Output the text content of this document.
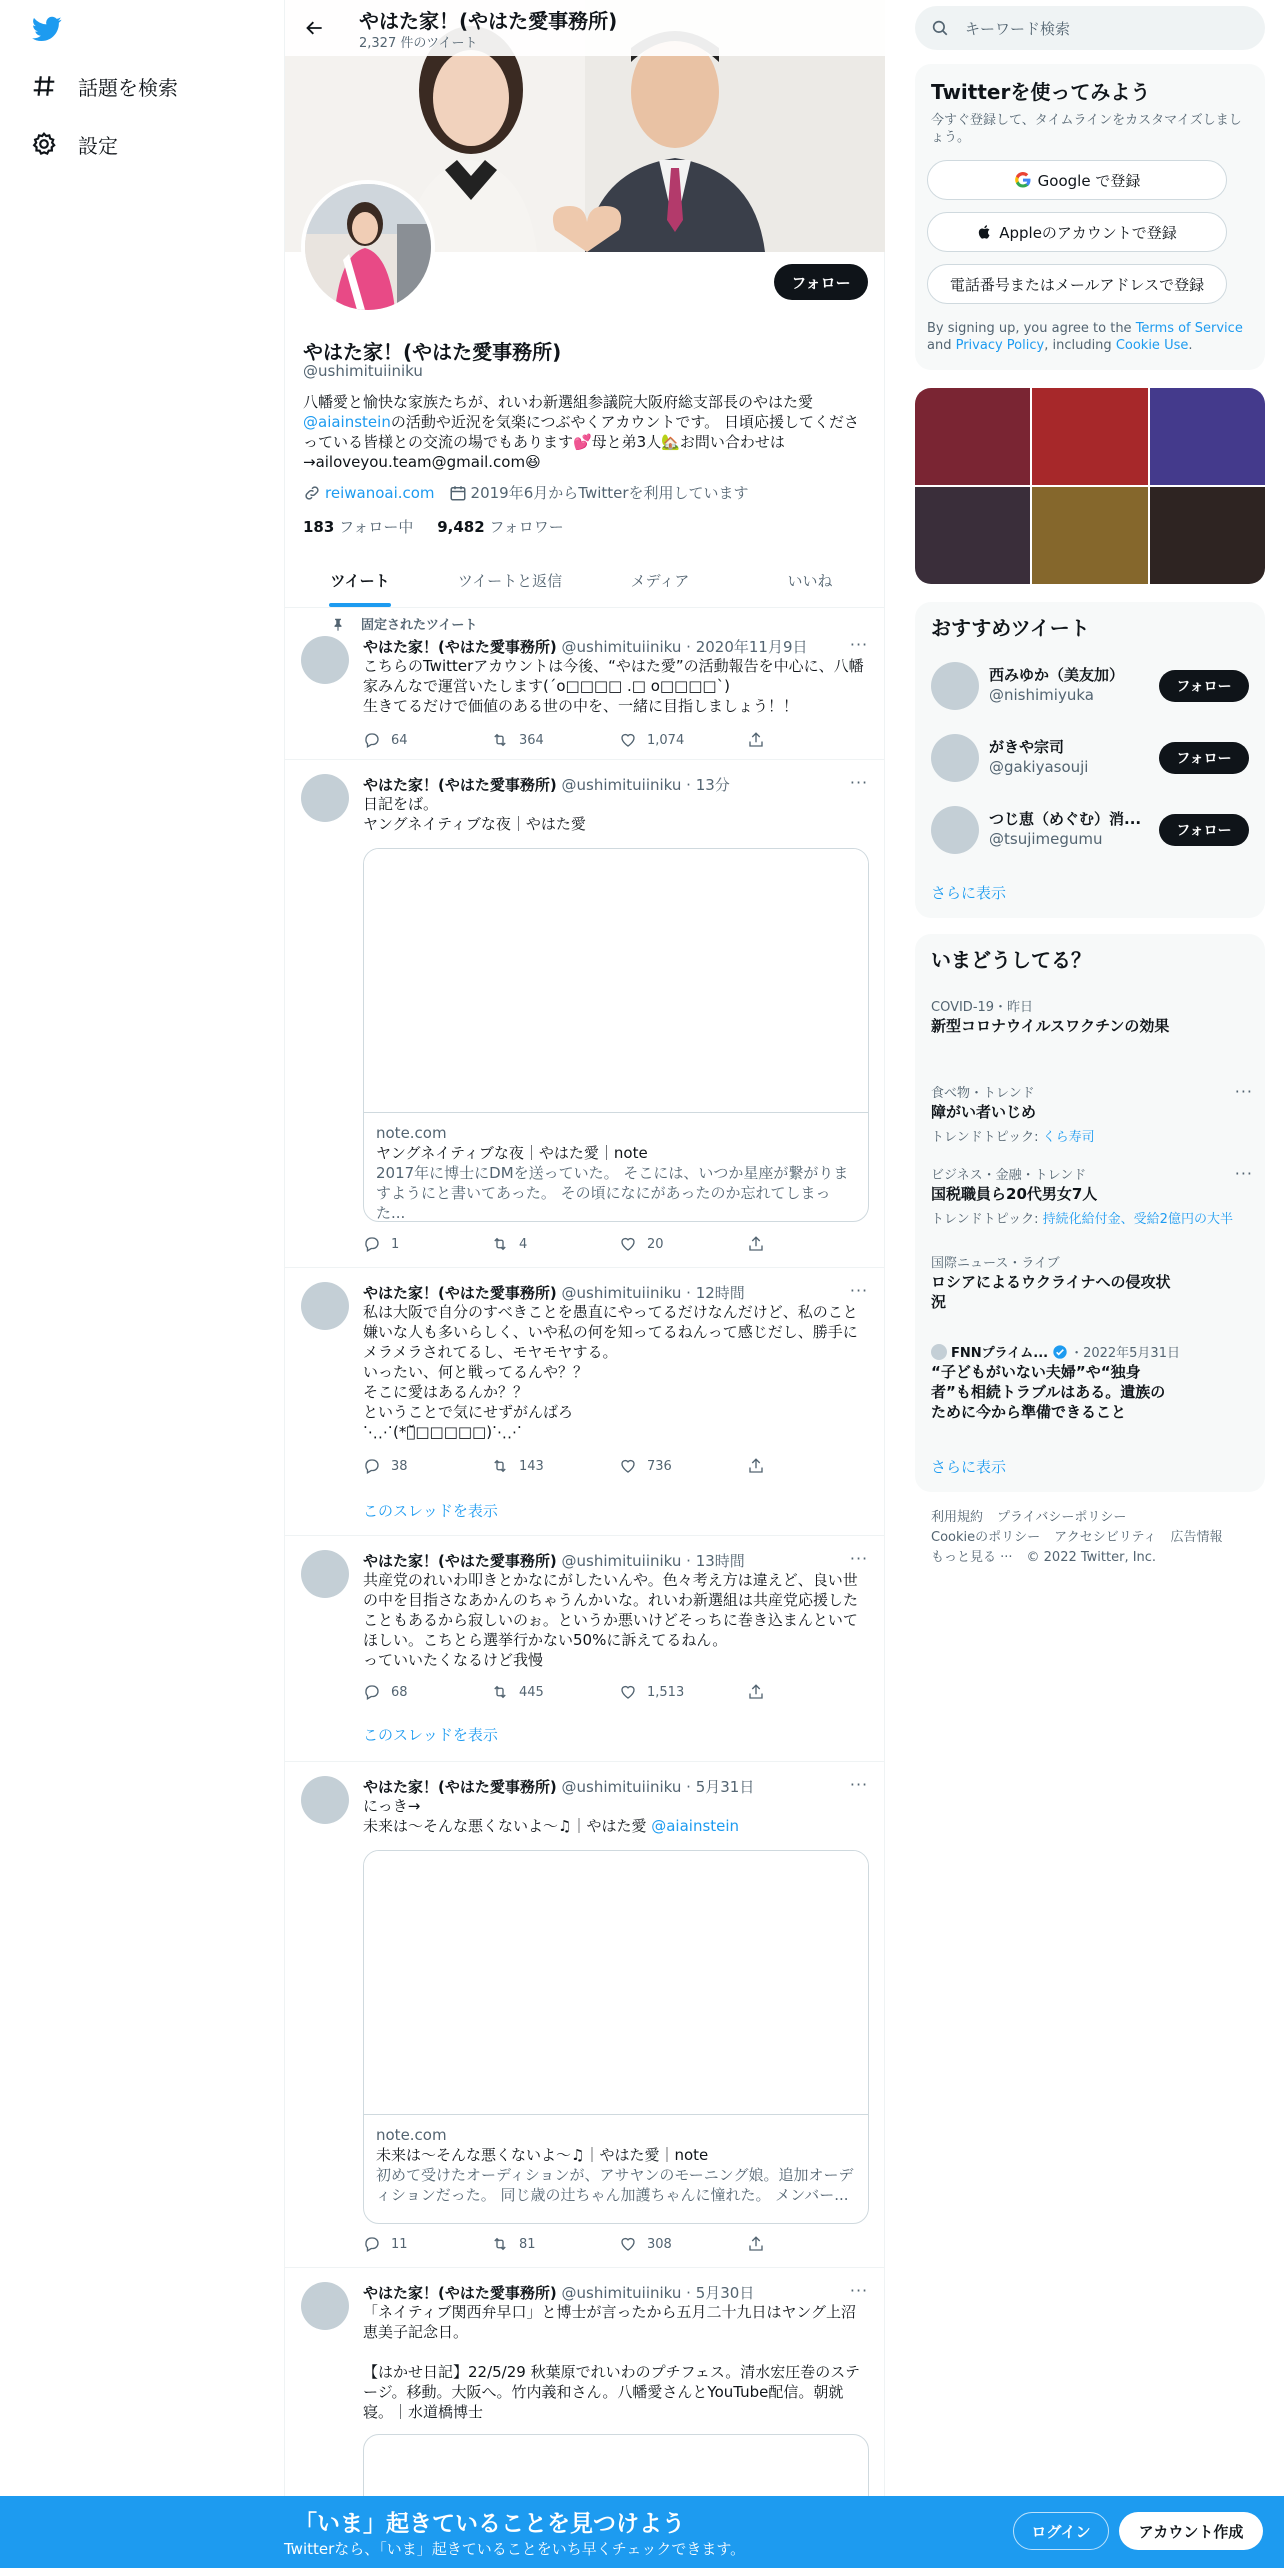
話題を検索
設定
やはた家！(やはた愛事務所)
2,327 件のツイート
フォロー
やはた家！(やはた愛事務所)
@ushimituiiniku
八幡愛と愉快な家族たちが、れいわ新選組参議院大阪府総支部長のやはた愛@aiainsteinの活動や近況を気楽につぶやくアカウントです。 日頃応援してくださっている皆様との交流の場でもあります💕母と弟3人🏡お問い合わせは→ailoveyou.team@gmail.com😆
reiwanoai.com 2019年6月からTwitterを利用しています
183 フォロー中 9,482 フォロワー
ツイート	ツイートと返信	メディア	いいね
固定されたツイート
···
やはた家！(やはた愛事務所) @ushimituiiniku · 2020年11月9日
こちらのTwitterアカウントは今後、“やはた愛”の活動報告を中心に、八幡家みんなで運営いたします(´o□□□□ .□ o□□□□`)
生きてるだけで価値のある世の中を、一緒に目指しましょう！！
64	364	1,074
···
やはた家！(やはた愛事務所) @ushimituiiniku · 13分
日記をば。
ヤングネイティブな夜｜やはた愛
note.com
ヤングネイティブな夜｜やはた愛｜note
2017年に博士にDMを送っていた。 そこには、いつか星座が繋がりますようにと書いてあった。 その頃になにがあったのか忘れてしまった...
1	4	20
···
やはた家！(やはた愛事務所) @ushimituiiniku · 12時間
私は大阪で自分のすべきことを愚直にやってるだけなんだけど、私のこと嫌いな人も多いらしく、いや私の何を知ってるねんって感じだし、勝手にメラメラされてるし、モヤモヤする。
いったい、何と戦ってるんや？？
そこに愛はあるんか？？
ということで気にせずがんばろ
⋱⋰(*ฺ̆□□□□□)⋱⋰
38	143	736
このスレッドを表示
···
やはた家！(やはた愛事務所) @ushimituiiniku · 13時間
共産党のれいわ叩きとかなにがしたいんや。色々考え方は違えど、良い世の中を目指さなあかんのちゃうんかいな。れいわ新選組は共産党応援したこともあるから寂しいのぉ。というか悪いけどそっちに巻き込まんといてほしい。こちとら選挙行かない50%に訴えてるねん。
っていいたくなるけど我慢
68	445	1,513
このスレッドを表示
···
やはた家！(やはた愛事務所) @ushimituiiniku · 5月31日
にっき→
未来は〜そんな悪くないよ〜♫｜やはた愛 @aiainstein
note.com
未来は〜そんな悪くないよ〜♫｜やはた愛｜note
初めて受けたオーディションが、アサヤンのモーニング娘。追加オーディションだった。 同じ歳の辻ちゃん加護ちゃんに憧れた。 メンバー...
11	81	308
···
やはた家！(やはた愛事務所) @ushimituiiniku · 5月30日
「ネイティブ関西弁早口」と博士が言ったから五月二十九日はヤング上沼恵美子記念日。

【はかせ日記】22/5/29 秋葉原でれいわのプチフェス。清水宏圧巻のステージ。移動。大阪へ。竹内義和さん。八幡愛さんとYouTube配信。朝就寝。｜水道橋博士
キーワード検索
Twitterを使ってみよう
今すぐ登録して、タイムラインをカスタマイズしましょう。
Google で登録
Appleのアカウントで登録
電話番号またはメールアドレスで登録
By signing up, you agree to the Terms of Service and Privacy Policy, including Cookie Use.
おすすめツイート
西みゆか（美友加）
@nishimiyuka	フォロー
がきや宗司
@gakiyasouji	フォロー
つじ恵（めぐむ）消...
@tsujimegumu	フォロー
さらに表示
いまどうしてる？
COVID-19・昨日
新型コロナウイルスワクチンの効果
食べ物・トレンド	···
障がい者いじめ
トレンドトピック: くら寿司
ビジネス・金融・トレンド	···
国税職員ら20代男女7人
トレンドトピック: 持続化給付金、受給2億円の大半
国際ニュース・ライブ
ロシアによるウクライナへの侵攻状況
FNNプライム... ・2022年5月31日
“子どもがいない夫婦”や“独身者”も相続トラブルはある。遺族のために今から準備できること
さらに表示
利用規約 プライバシーポリシー
Cookieのポリシー アクセシビリティ 広告情報
もっと見る ··· © 2022 Twitter, Inc.
「いま」起きていることを見つけよう
Twitterなら、「いま」起きていることをいち早くチェックできます。
ログイン	アカウント作成
